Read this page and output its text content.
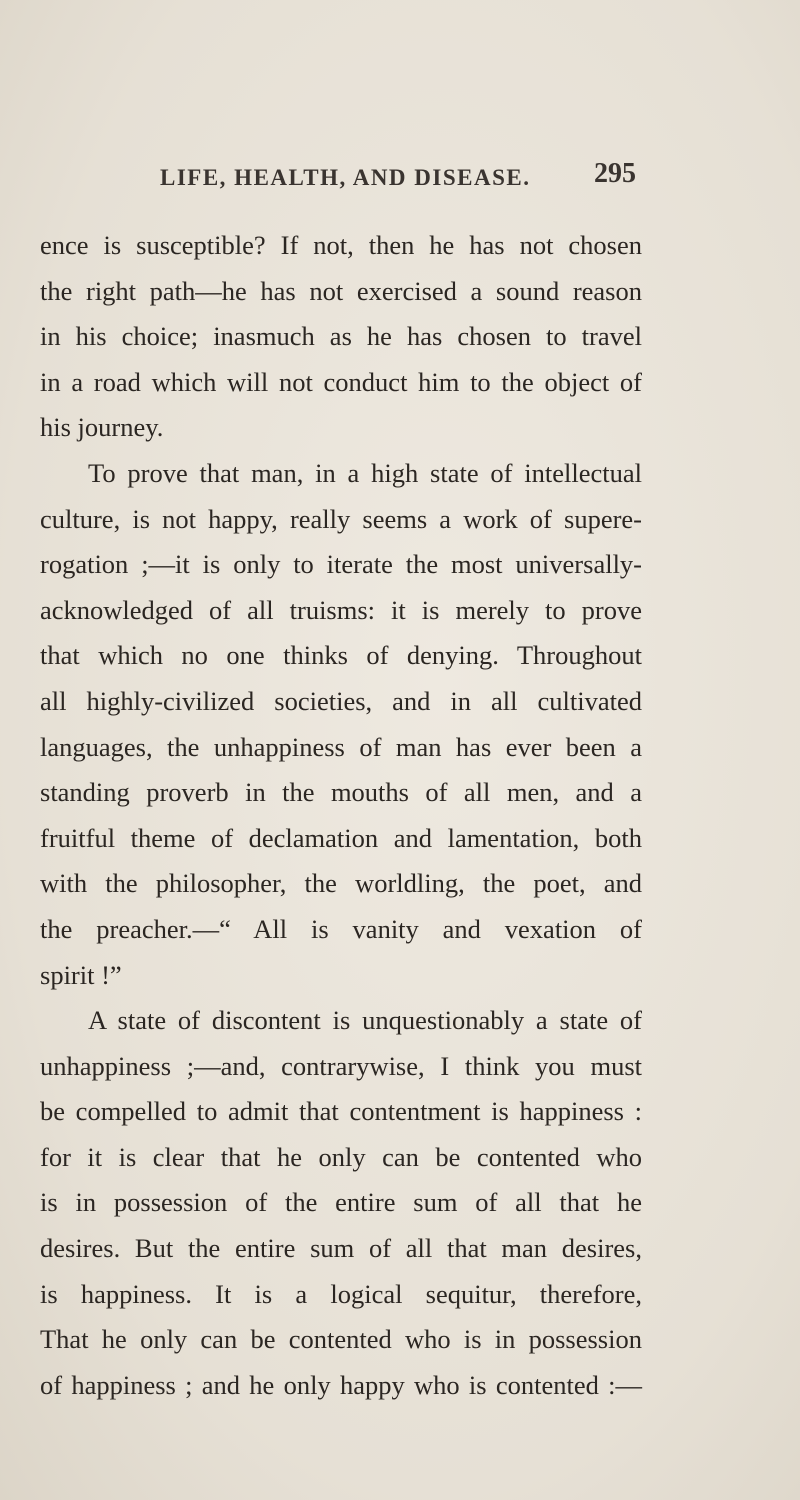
LIFE, HEALTH, AND DISEASE.	295
ence is susceptible? If not, then he has not chosen
the right path—he has not exercised a sound reason
in his choice; inasmuch as he has chosen to travel
in a road which will not conduct him to the object of
his journey.
To prove that man, in a high state of intellectual
culture, is not happy, really seems a work of supere-
rogation ;—it is only to iterate the most universally-
acknowledged of all truisms: it is merely to prove
that which no one thinks of denying. Throughout
all highly-civilized societies, and in all cultivated
languages, the unhappiness of man has ever been a
standing proverb in the mouths of all men, and a
fruitful theme of declamation and lamentation, both
with the philosopher, the worldling, the poet, and
the preacher.—“ All is vanity and vexation of
spirit !”
A state of discontent is unquestionably a state of
unhappiness ;—and, contrarywise, I think you must
be compelled to admit that contentment is happiness :
for it is clear that he only can be contented who
is in possession of the entire sum of all that he
desires. But the entire sum of all that man desires,
is happiness. It is a logical sequitur, therefore,
That he only can be contented who is in possession
of happiness ; and he only happy who is contented :—
